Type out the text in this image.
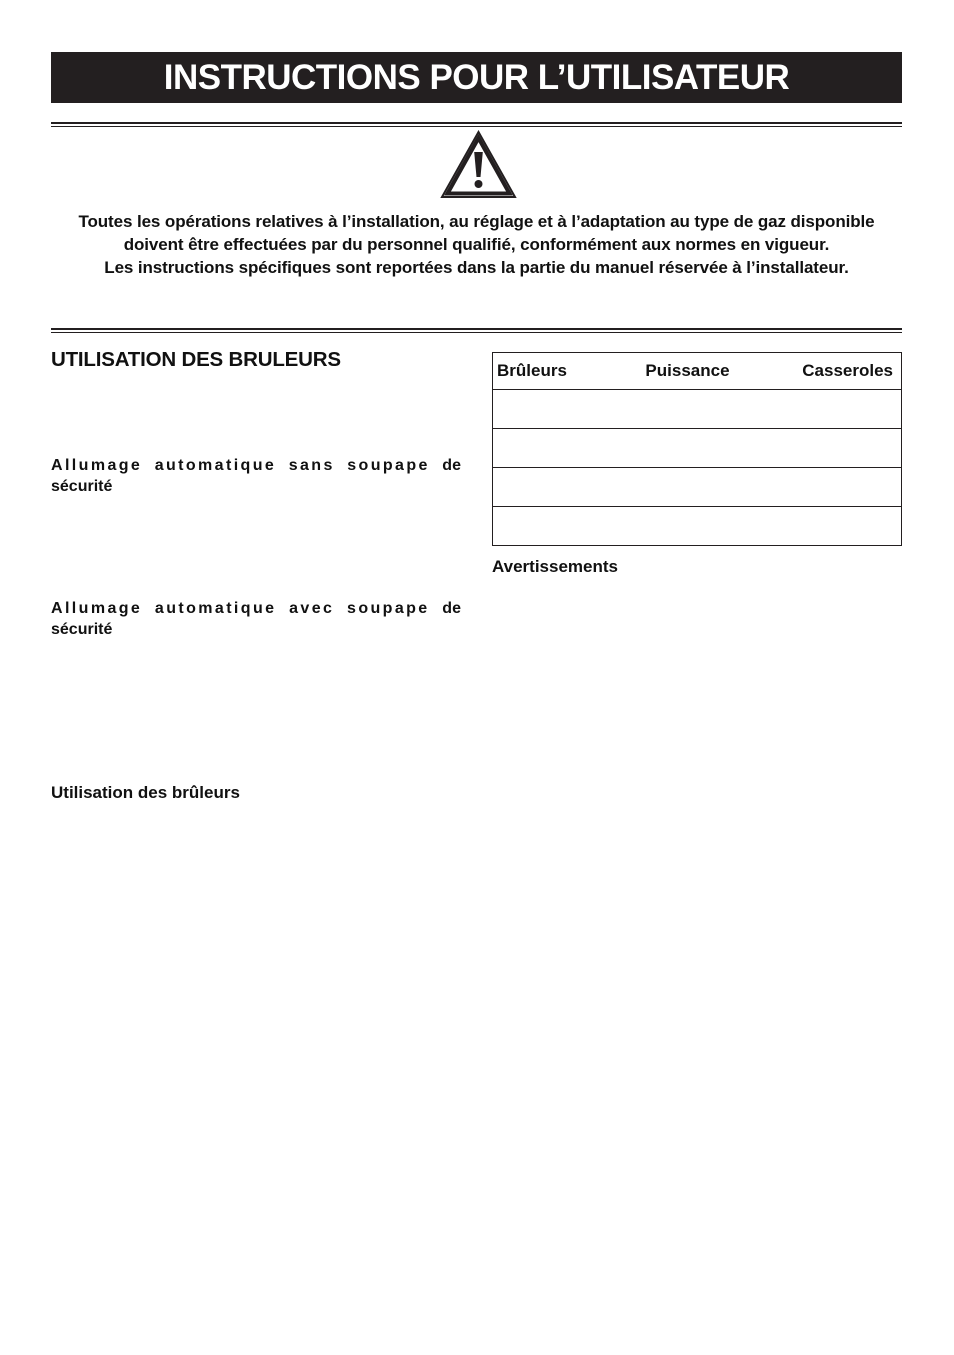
INSTRUCTIONS POUR L’UTILISATEUR

Toutes les opérations relatives à l’installation, au réglage et à l’adaptation au type de gaz disponible doivent être effectuées par du personnel qualifié, conformément aux normes en vigueur.

Les instructions spécifiques sont reportées dans la partie du manuel réservée à l’installateur.

UTILISATION DES BRULEURS
Allumage automatique sans soupape de
sécurité
Allumage automatique avec soupape de
sécurité
Utilisation des brûleurs
Brûleurs	Puissance	Casseroles

Avertissements
